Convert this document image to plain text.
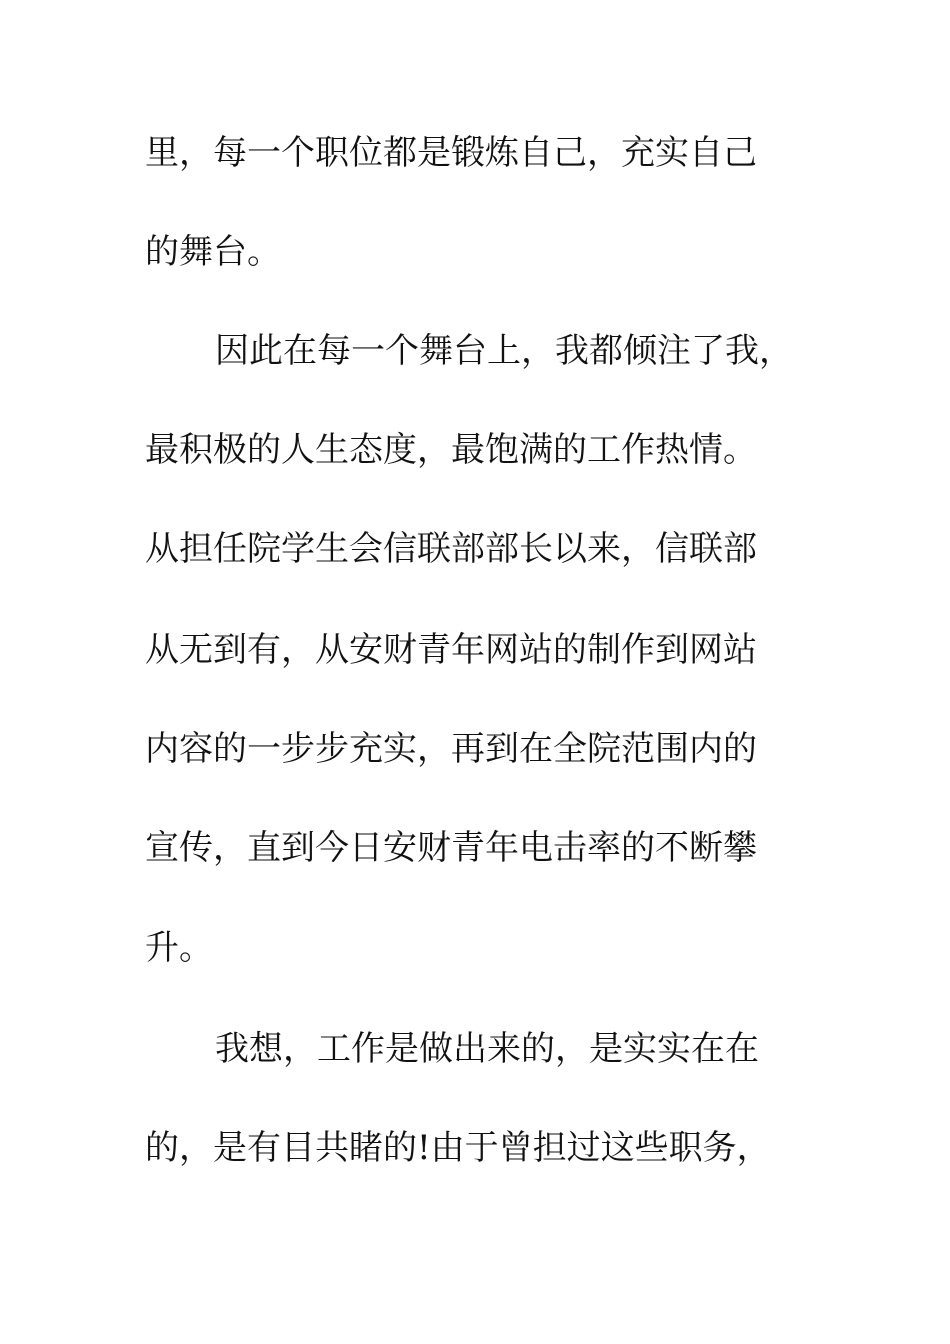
里，每一个职位都是锻炼自己，充实自己
的舞台。
因此在每一个舞台上，我都倾注了我，
最积极的人生态度，最饱满的工作热情。
从担任院学生会信联部部长以来，信联部
从无到有，从安财青年网站的制作到网站
内容的一步步充实，再到在全院范围内的
宣传，直到今日安财青年电击率的不断攀
升。
我想，工作是做出来的，是实实在在
的，是有目共睹的!由于曾担过这些职务，
